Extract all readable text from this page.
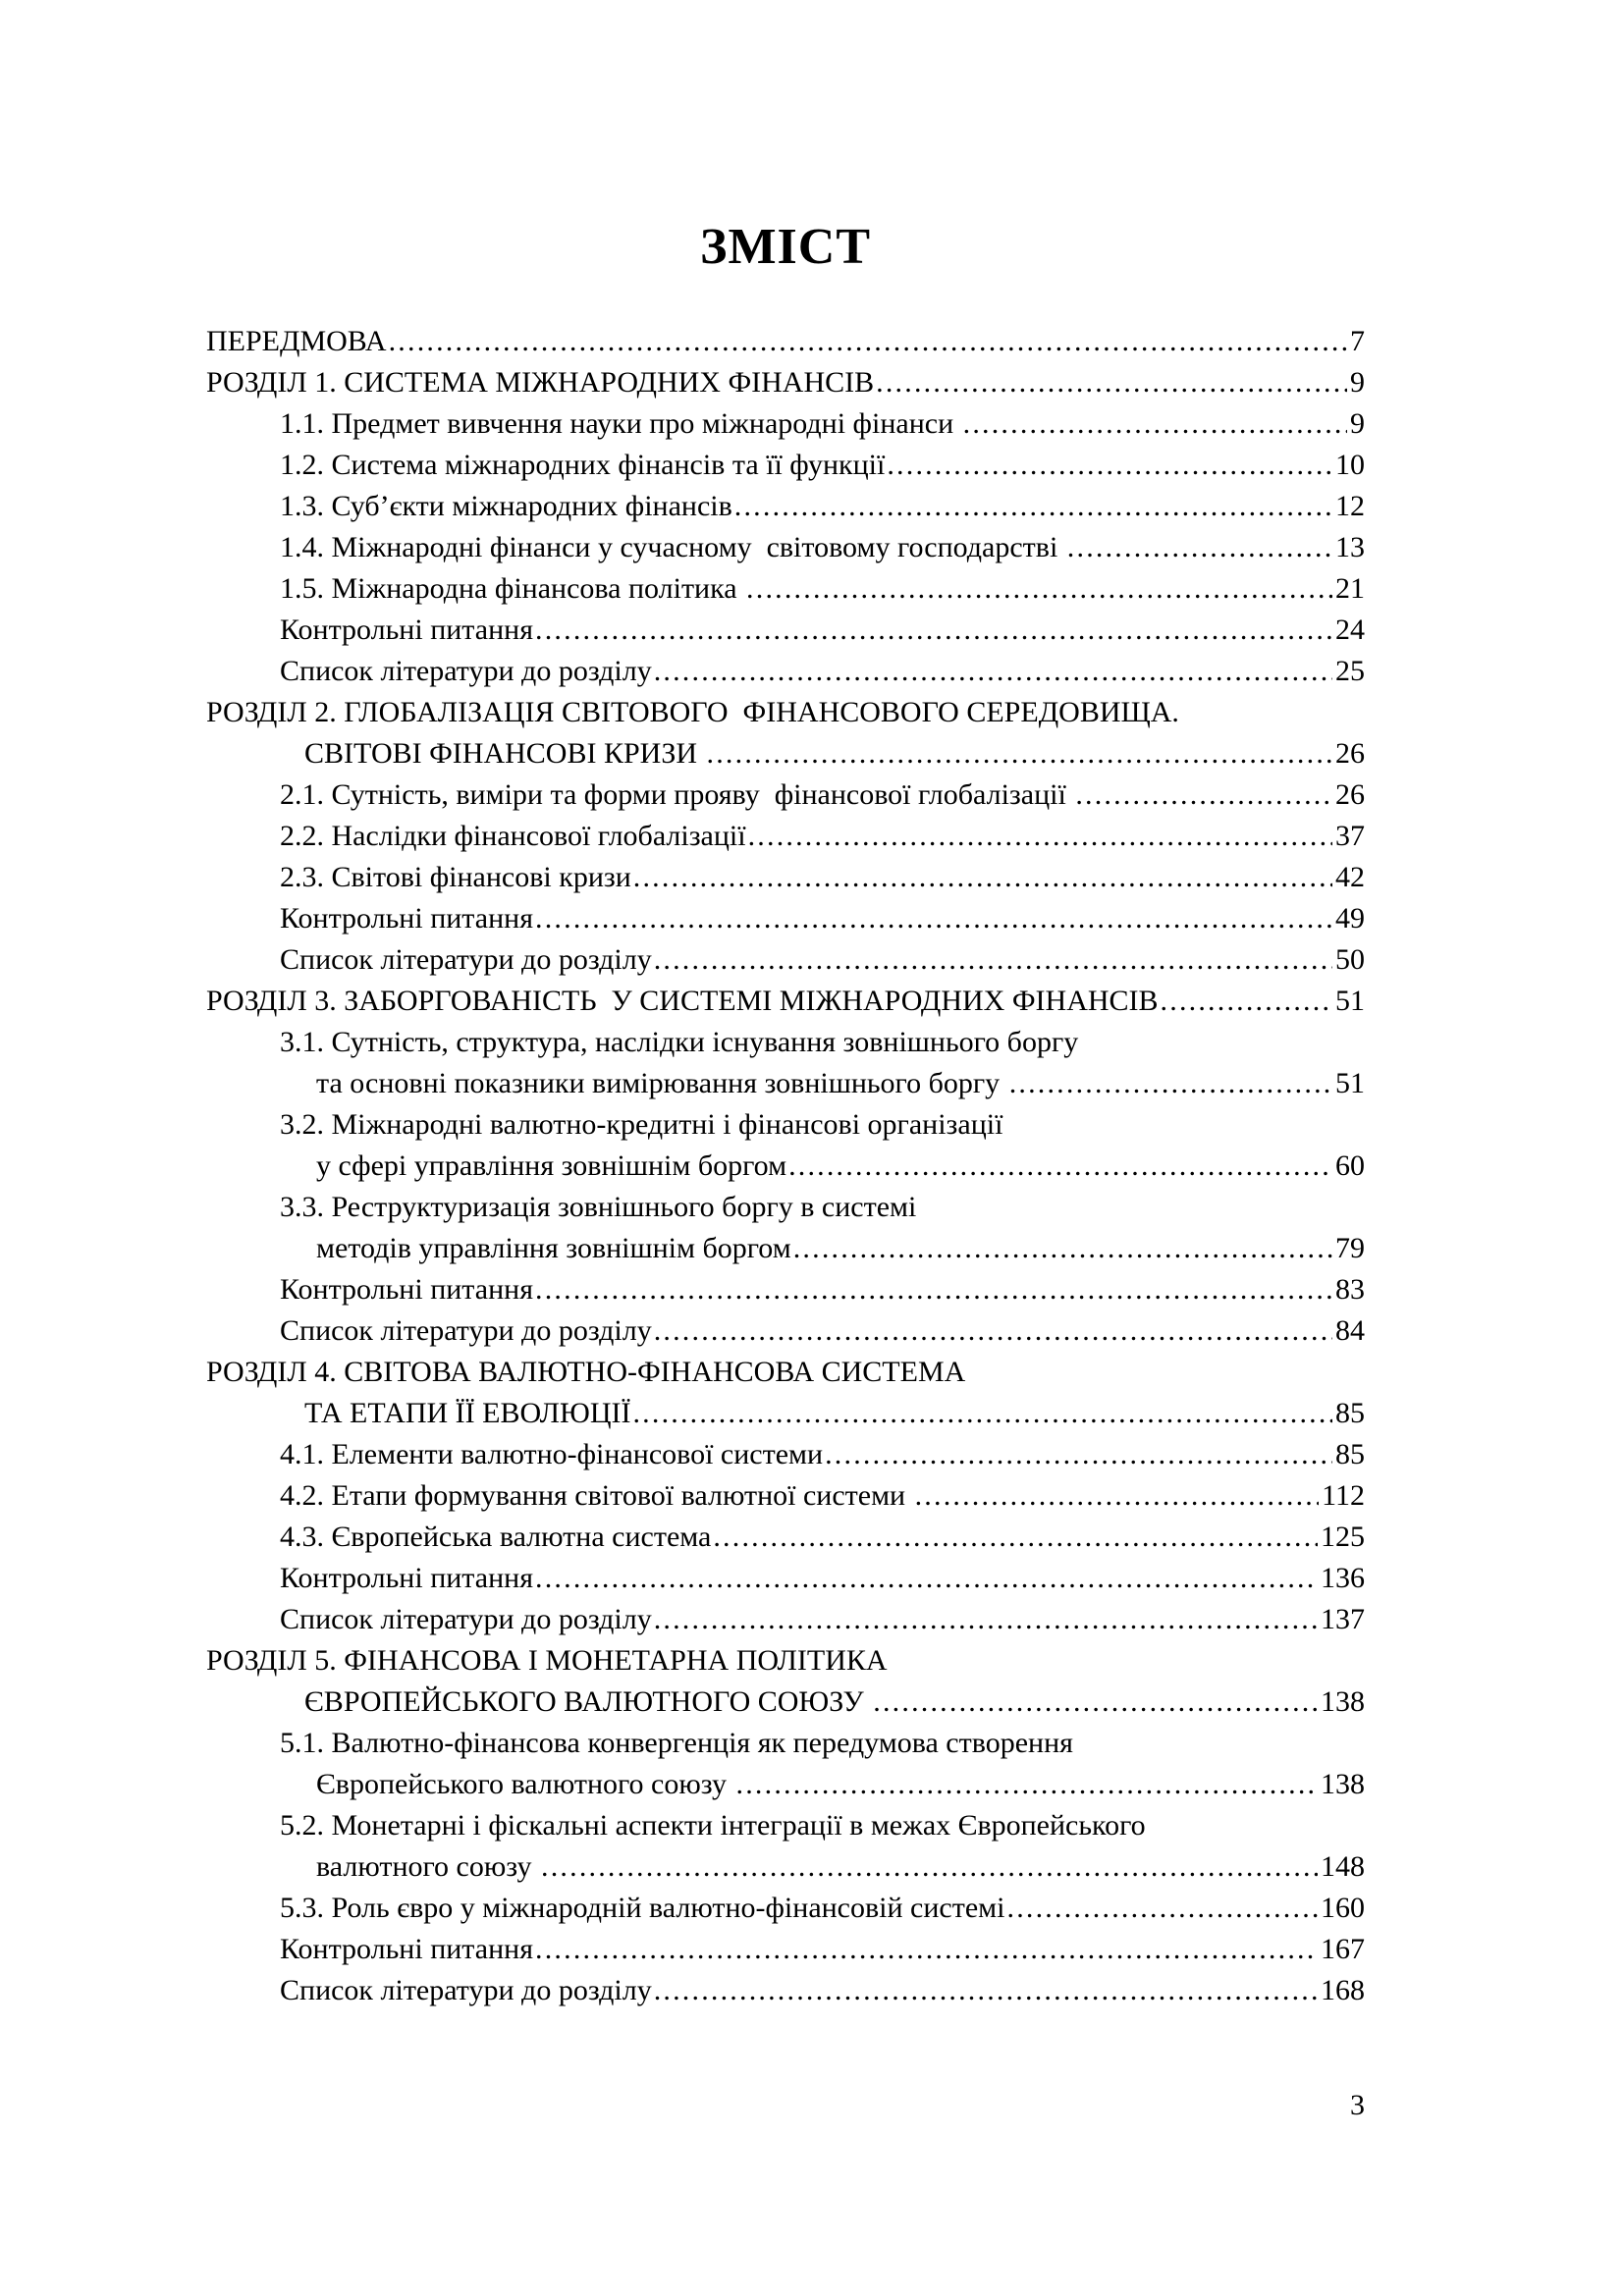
ЗМІСТ
ПЕРЕДМОВА .....	7
РОЗДІЛ 1. СИСТЕМА МІЖНАРОДНИХ ФІНАНСІВ .....	9
1.1. Предмет вивчення науки про міжнародні фінанси .....	9
1.2. Система міжнародних фінансів та її функції .....	10
1.3. Суб’єкти міжнародних фінансів .....	12
1.4. Міжнародні фінанси у сучасному  світовому господарстві .....	13
1.5. Міжнародна фінансова політика .....	21
Контрольні питання .....	24
Список літератури до розділу .....	25
РОЗДІЛ 2. ГЛОБАЛІЗАЦІЯ СВІТОВОГО  ФІНАНСОВОГО СЕРЕДОВИЩА.
СВІТОВІ ФІНАНСОВІ КРИЗИ .....	26
2.1. Сутність, виміри та форми прояву  фінансової глобалізації .....	26
2.2. Наслідки фінансової глобалізації .....	37
2.3. Світові фінансові кризи .....	42
Контрольні питання .....	49
Список літератури до розділу .....	50
РОЗДІЛ 3. ЗАБОРГОВАНІСТЬ  У СИСТЕМІ МІЖНАРОДНИХ ФІНАНСІВ .....	51
3.1. Сутність, структура, наслідки існування зовнішнього боргу
та основні показники вимірювання зовнішнього боргу .....	51
3.2. Міжнародні валютно-кредитні і фінансові організації
у сфері управління зовнішнім боргом .....	60
3.3. Реструктуризація зовнішнього боргу в системі
методів управління зовнішнім боргом .....	79
Контрольні питання .....	83
Список літератури до розділу .....	84
РОЗДІЛ 4. СВІТОВА ВАЛЮТНО-ФІНАНСОВА СИСТЕМА
ТА ЕТАПИ ЇЇ ЕВОЛЮЦІЇ .....	85
4.1. Елементи валютно-фінансової системи .....	85
4.2. Етапи формування світової валютної системи .....	112
4.3. Європейська валютна система .....	125
Контрольні питання .....	136
Список літератури до розділу .....	137
РОЗДІЛ 5. ФІНАНСОВА І МОНЕТАРНА ПОЛІТИКА
ЄВРОПЕЙСЬКОГО ВАЛЮТНОГО СОЮЗУ .....	138
5.1. Валютно-фінансова конвергенція як передумова створення
Європейського валютного союзу .....	138
5.2. Монетарні і фіскальні аспекти інтеграції в межах Європейського
валютного союзу .....	148
5.3. Роль євро у міжнародній валютно-фінансовій системі .....	160
Контрольні питання .....	167
Список літератури до розділу .....	168
3
